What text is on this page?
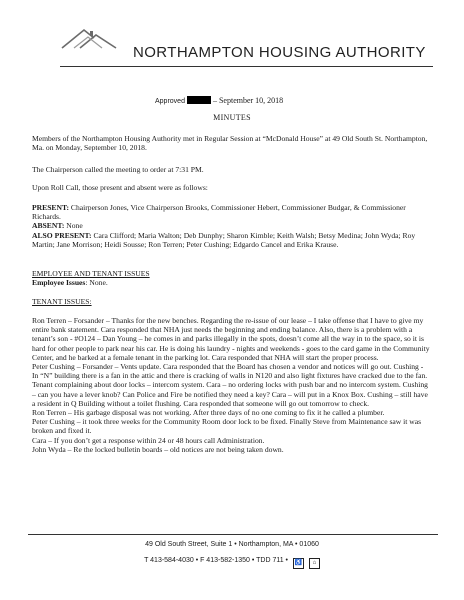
NORTHAMPTON HOUSING AUTHORITY
Approved	– September 10, 2018
MINUTES

Members of the Northampton Housing Authority met in Regular Session at “McDonald House” at 49 Old South St. Northampton, Ma. on Monday, September 10, 2018.

The Chairperson called the meeting to order at 7:31 PM.

Upon Roll Call, those present and absent were as follows:

PRESENT: Chairperson Jones, Vice Chairperson Brooks, Commissioner Hebert, Commissioner Budgar, & Commissioner Richards.

ABSENT: None

ALSO PRESENT: Cara Clifford; Maria Walton; Deb Dunphy; Sharon Kimble; Keith Walsh; Betsy Medina; John Wyda; Roy Martin; Jane Morrison; Heidi Sousse; Ron Terren; Peter Cushing; Edgardo Cancel and Erika Krause.

EMPLOYEE AND TENANT ISSUES

Employee Issues: None.

TENANT ISSUES:

Ron Terren – Forsander – Thanks for the new benches. Regarding the re-issue of our lease – I take offense that I have to give my entire bank statement. Cara responded that NHA just needs the beginning and ending balance. Also, there is a problem with a tenant’s son - #O124 – Dan Young – he comes in and parks illegally in the spots, doesn’t come all the way in to the space, so it is hard for other people to park near his car. He is doing his laundry - nights and weekends - goes to the card game in the Community Center, and he barked at a female tenant in the parking lot. Cara responded that NHA will start the proper process.

Peter Cushing – Forsander – Vents update. Cara responded that the Board has chosen a vendor and notices will go out. Cushing - In “N” building there is a fan in the attic and there is cracking of walls in N120 and also light fixtures have cracked due to the fan. Tenant complaining about door locks – intercom system. Cara – no ordering locks with push bar and no intercom system. Cushing – can you have a lever knob? Can Police and Fire be notified they need a key? Cara – will put in a Knox Box. Cushing – still have a resident in Q Building without a toilet flushing. Cara responded that someone will go out tomorrow to check.

Ron Terren – His garbage disposal was not working. After three days of no one coming to fix it he called a plumber.

Peter Cushing – it took three weeks for the Community Room door lock to be fixed. Finally Steve from Maintenance saw it was broken and fixed it.

Cara – If you don’t get a response within 24 or 48 hours call Administration.

John Wyda – Re the locked bulletin boards – old notices are not being taken down.

49 Old South Street, Suite 1 • Northampton, MA • 01060
T 413-584-4030 • F 413-582-1350 • TDD 711 • ♿ ⌂
